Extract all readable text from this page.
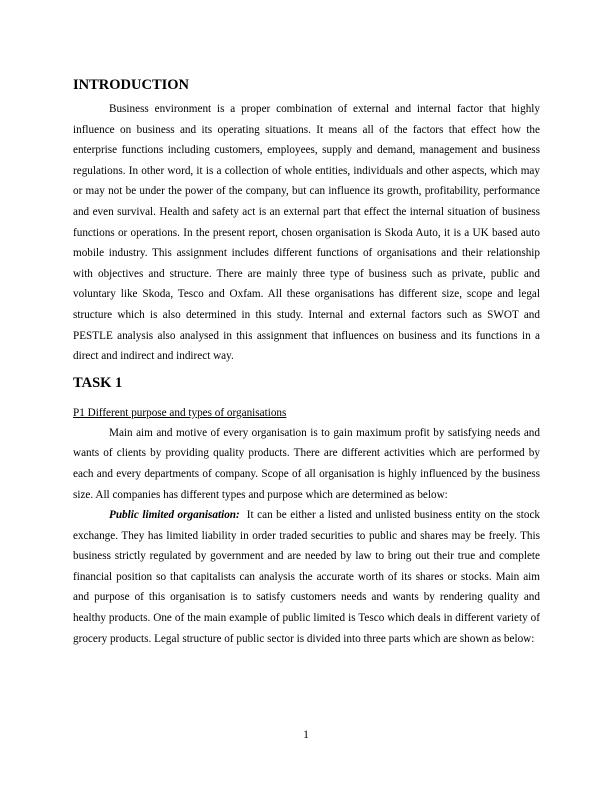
INTRODUCTION

Business environment is a proper combination of external and internal factor that highly influence on business and its operating situations. It means all of the factors that effect how the enterprise functions including customers, employees, supply and demand, management and business regulations. In other word, it is a collection of whole entities, individuals and other aspects, which may or may not be under the power of the company, but can influence its growth, profitability, performance and even survival. Health and safety act is an external part that effect the internal situation of business functions or operations. In the present report, chosen organisation is Skoda Auto, it is a UK based auto mobile industry. This assignment includes different functions of organisations and their relationship with objectives and structure. There are mainly three type of business such as private, public and voluntary like Skoda, Tesco and Oxfam. All these organisations has different size, scope and legal structure which is also determined in this study. Internal and external factors such as SWOT and PESTLE analysis also analysed in this assignment that influences on business and its functions in a direct and indirect and indirect way.

TASK 1

P1 Different purpose and types of organisations

Main aim and motive of every organisation is to gain maximum profit by satisfying needs and wants of clients by providing quality products. There are different activities which are performed by each and every departments of company. Scope of all organisation is highly influenced by the business size. All companies has different types and purpose which are determined as below:

Public limited organisation: It can be either a listed and unlisted business entity on the stock exchange. They has limited liability in order traded securities to public and shares may be freely. This business strictly regulated by government and are needed by law to bring out their true and complete financial position so that capitalists can analysis the accurate worth of its shares or stocks. Main aim and purpose of this organisation is to satisfy customers needs and wants by rendering quality and healthy products. One of the main example of public limited is Tesco which deals in different variety of grocery products. Legal structure of public sector is divided into three parts which are shown as below:

1
